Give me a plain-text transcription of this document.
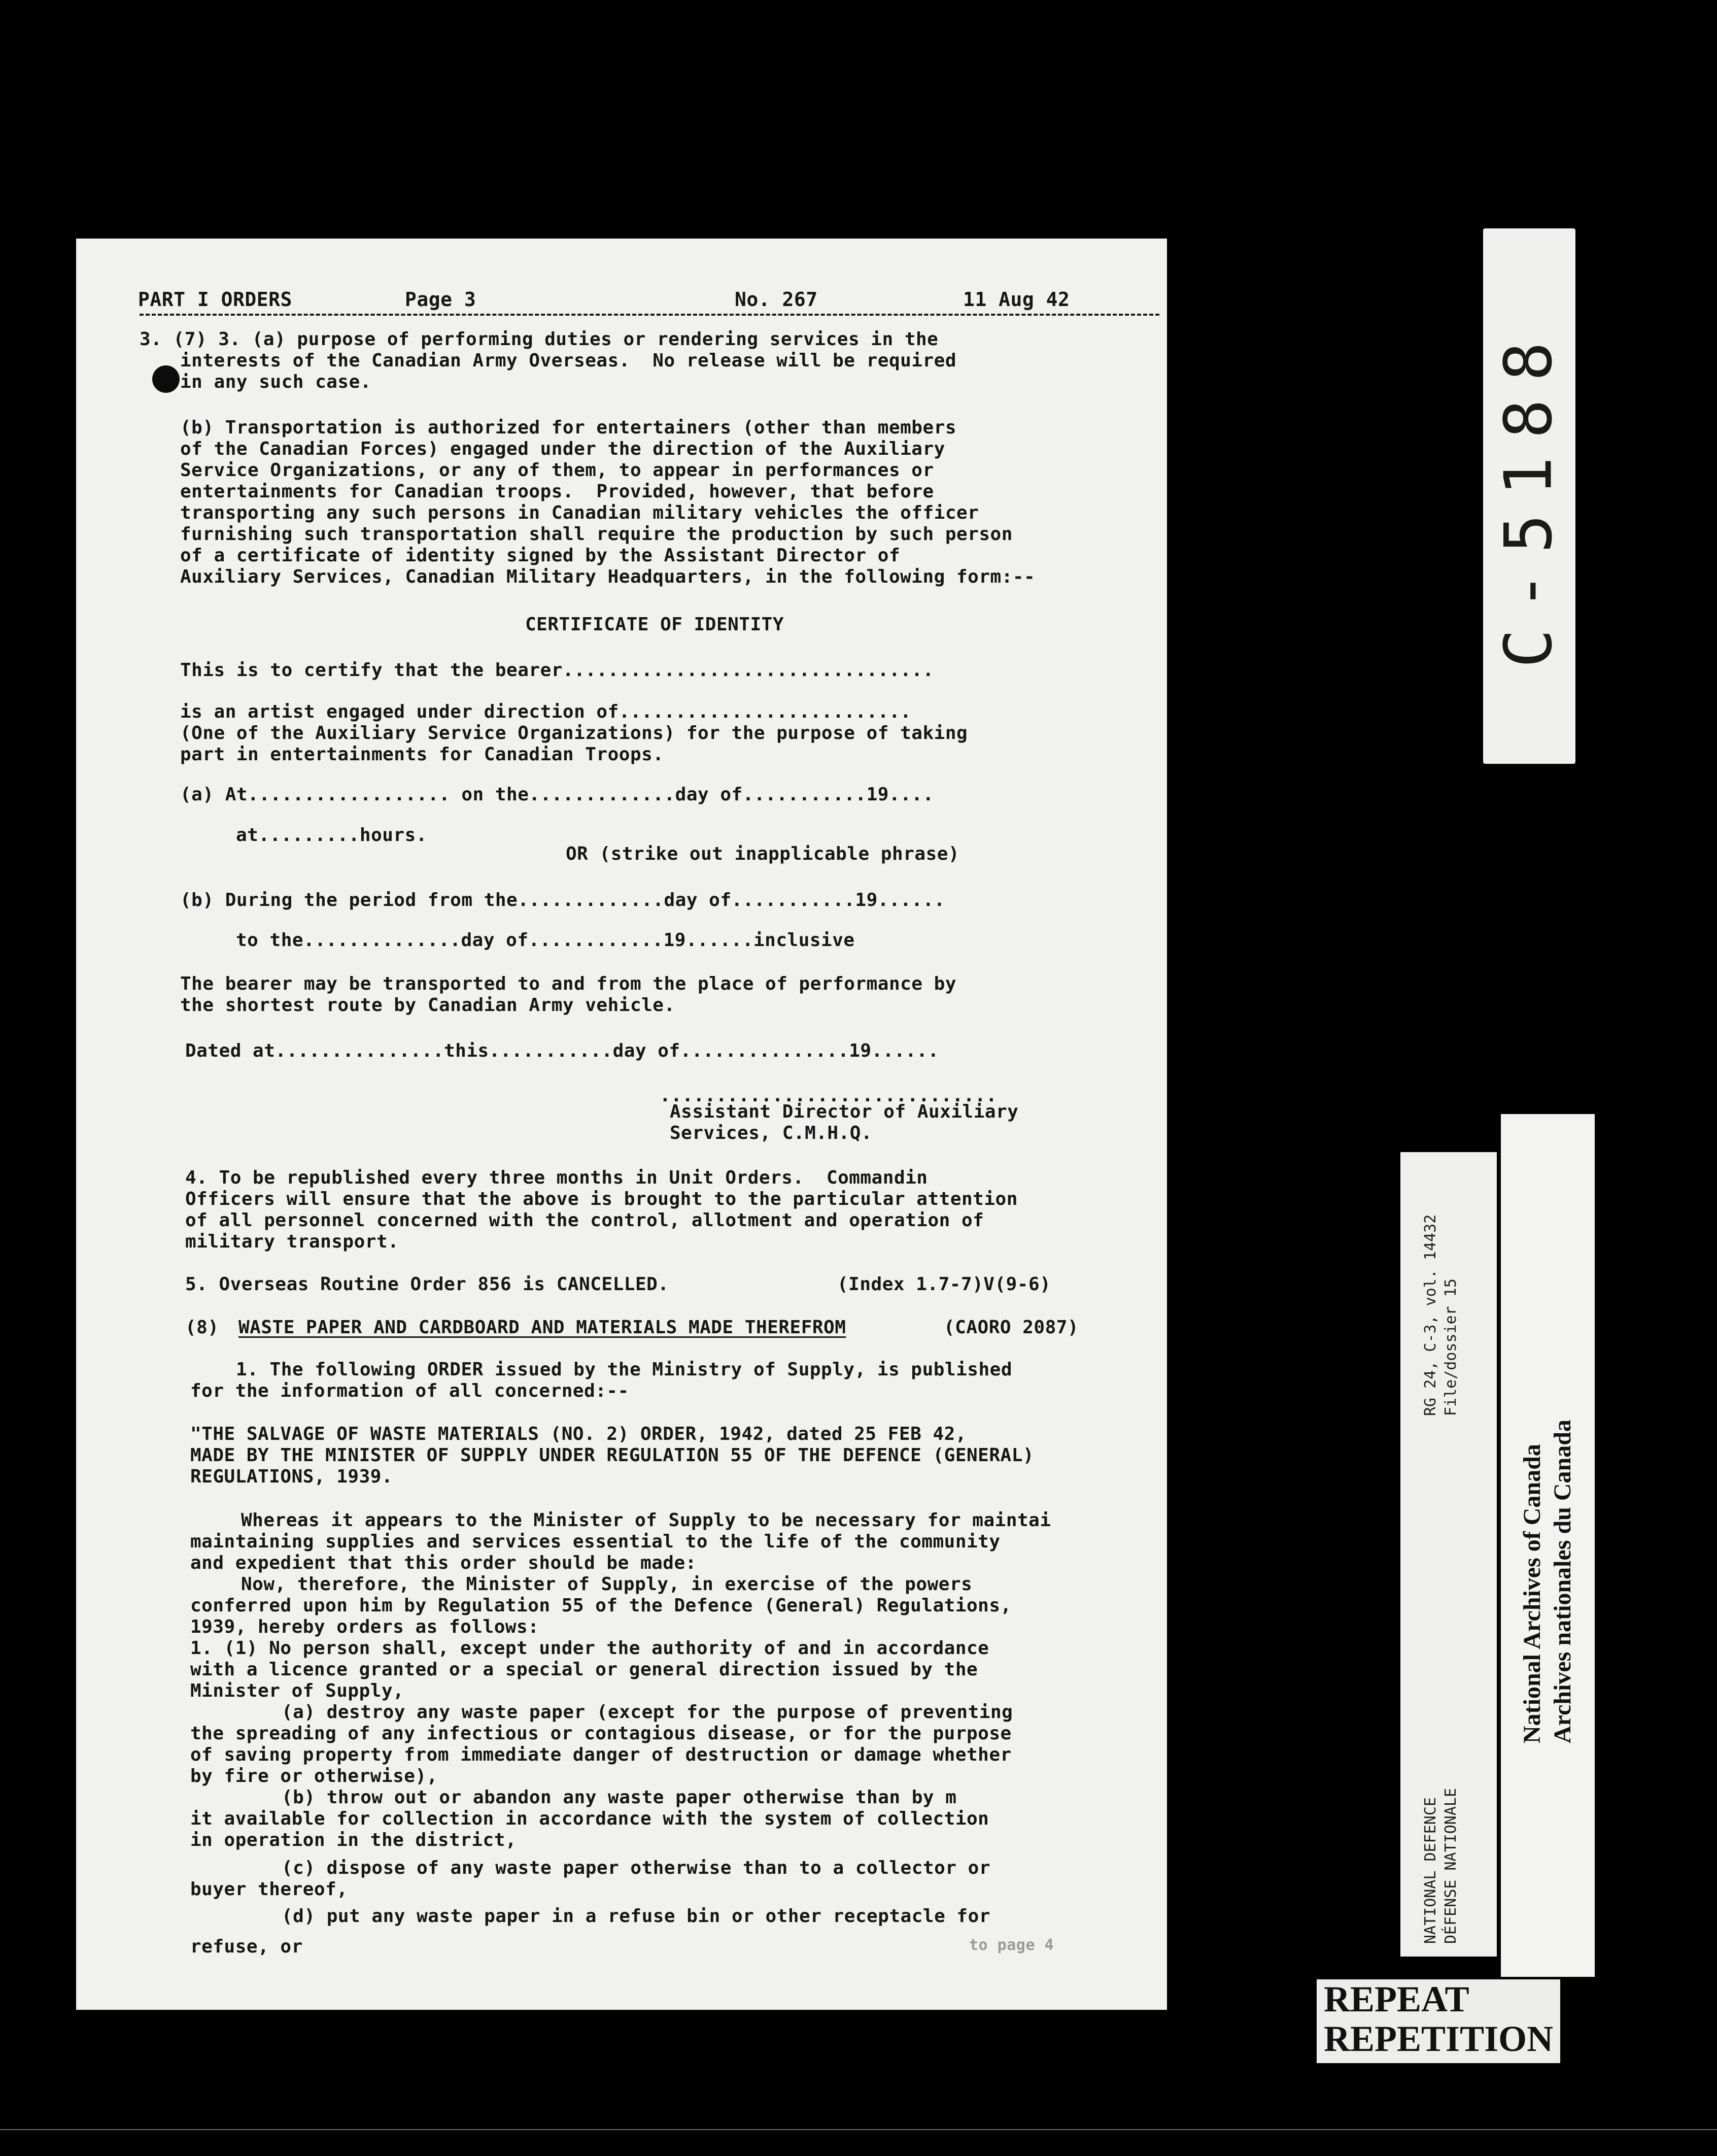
PART I ORDERS	Page 3	No. 267	11 Aug 42
3. (7) 3. (a) purpose of performing duties or rendering services in the
interests of the Canadian Army Overseas.  No release will be required
in any such case.
(b) Transportation is authorized for entertainers (other than members
of the Canadian Forces) engaged under the direction of the Auxiliary
Service Organizations, or any of them, to appear in performances or
entertainments for Canadian troops.  Provided, however, that before
transporting any such persons in Canadian military vehicles the officer
furnishing such transportation shall require the production by such person
of a certificate of identity signed by the Assistant Director of
Auxiliary Services, Canadian Military Headquarters, in the following form:--
CERTIFICATE OF IDENTITY
This is to certify that the bearer.................................
is an artist engaged under direction of..........................
(One of the Auxiliary Service Organizations) for the purpose of taking
part in entertainments for Canadian Troops.
(a) At.................. on the.............day of...........19....
at.........hours.
OR (strike out inapplicable phrase)
(b) During the period from the.............day of...........19......
to the..............day of............19......inclusive
The bearer may be transported to and from the place of performance by
the shortest route by Canadian Army vehicle.
Dated at...............this...........day of...............19......
..............................
Assistant Director of Auxiliary
Services, C.M.H.Q.
4. To be republished every three months in Unit Orders.  Commandin
Officers will ensure that the above is brought to the particular attention
of all personnel concerned with the control, allotment and operation of
military transport.
5. Overseas Routine Order 856 is CANCELLED.	(Index 1.7-7)V(9-6)
(8) WASTE PAPER AND CARDBOARD AND MATERIALS MADE THEREFROM	(CAORO 2087)
1. The following ORDER issued by the Ministry of Supply, is published
for the information of all concerned:--
"THE SALVAGE OF WASTE MATERIALS (NO. 2) ORDER, 1942, dated 25 FEB 42,
MADE BY THE MINISTER OF SUPPLY UNDER REGULATION 55 OF THE DEFENCE (GENERAL)
REGULATIONS, 1939.
Whereas it appears to the Minister of Supply to be necessary for maintai
maintaining supplies and services essential to the life of the community
and expedient that this order should be made:
Now, therefore, the Minister of Supply, in exercise of the powers
conferred upon him by Regulation 55 of the Defence (General) Regulations,
1939, hereby orders as follows:
1. (1) No person shall, except under the authority of and in accordance
with a licence granted or a special or general direction issued by the
Minister of Supply,
(a) destroy any waste paper (except for the purpose of preventing
the spreading of any infectious or contagious disease, or for the purpose
of saving property from immediate danger of destruction or damage whether
by fire or otherwise),
(b) throw out or abandon any waste paper otherwise than by m
it available for collection in accordance with the system of collection
in operation in the district,
(c) dispose of any waste paper otherwise than to a collector or
buyer thereof,
(d) put any waste paper in a refuse bin or other receptacle for
refuse, or	to page 4
C-5188
RG 24, C-3, vol. 14432 File/dossier 15
NATIONAL DEFENCE DÉFENSE NATIONALE
National Archives of Canada Archives nationales du Canada
REPEAT
REPETITION
